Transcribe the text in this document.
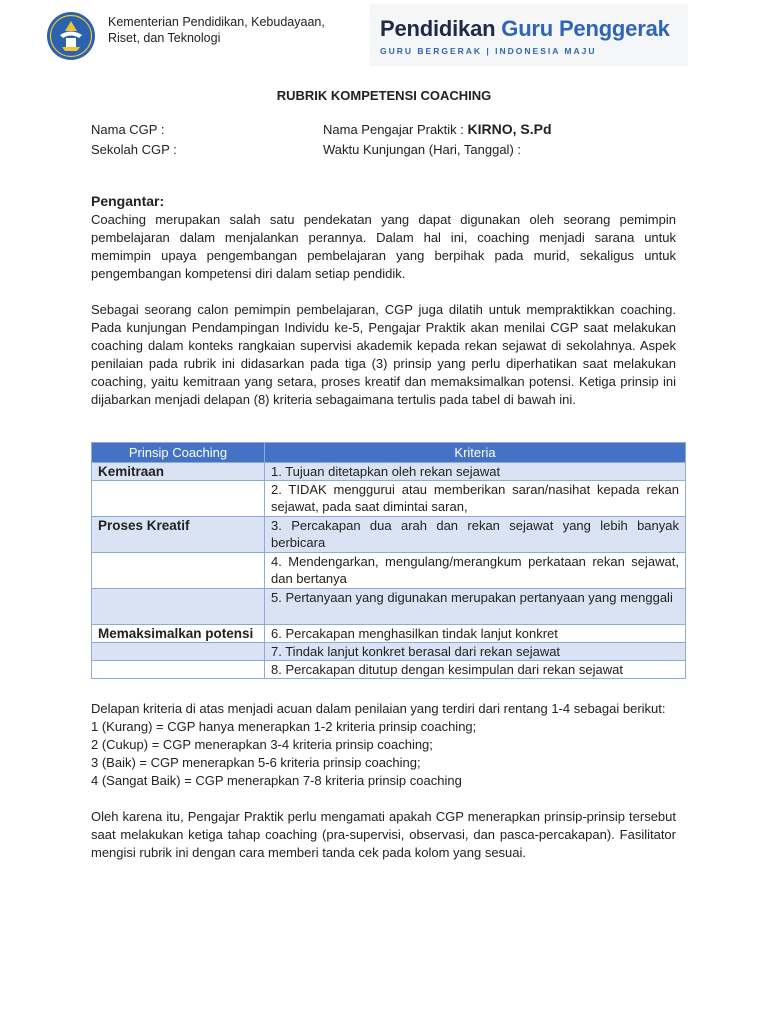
Kementerian Pendidikan, Kebudayaan,
Riset, dan Teknologi	Pendidikan Guru Penggerak
GURU BERGERAK | INDONESIA MAJU
RUBRIK KOMPETENSI COACHING
Nama CGP :
Sekolah CGP :
Nama Pengajar Praktik : KIRNO, S.Pd
Waktu Kunjungan (Hari, Tanggal) :
Pengantar:

Coaching merupakan salah satu pendekatan yang dapat digunakan oleh seorang pemimpin pembelajaran dalam menjalankan perannya. Dalam hal ini, coaching menjadi sarana untuk memimpin upaya pengembangan pembelajaran yang berpihak pada murid, sekaligus untuk pengembangan kompetensi diri dalam setiap pendidik.

Sebagai seorang calon pemimpin pembelajaran, CGP juga dilatih untuk mempraktikkan coaching. Pada kunjungan Pendampingan Individu ke-5, Pengajar Praktik akan menilai CGP saat melakukan coaching dalam konteks rangkaian supervisi akademik kepada rekan sejawat di sekolahnya. Aspek penilaian pada rubrik ini didasarkan pada tiga (3) prinsip yang perlu diperhatikan saat melakukan coaching, yaitu kemitraan yang setara, proses kreatif dan memaksimalkan potensi. Ketiga prinsip ini dijabarkan menjadi delapan (8) kriteria sebagaimana tertulis pada tabel di bawah ini.

Prinsip Coaching	Kriteria
Kemitraan	1. Tujuan ditetapkan oleh rekan sejawat
	2. TIDAK menggurui atau memberikan saran/nasihat kepada rekan sejawat, pada saat dimintai saran,
Proses Kreatif	3. Percakapan dua arah dan rekan sejawat yang lebih banyak berbicara
	4. Mendengarkan, mengulang/merangkum perkataan rekan sejawat, dan bertanya
	5. Pertanyaan yang digunakan merupakan pertanyaan yang menggali
Memaksimalkan potensi	6. Percakapan menghasilkan tindak lanjut konkret
	7. Tindak lanjut konkret berasal dari rekan sejawat
	8. Percakapan ditutup dengan kesimpulan dari rekan sejawat

Delapan kriteria di atas menjadi acuan dalam penilaian yang terdiri dari rentang 1-4 sebagai berikut:

1 (Kurang) = CGP hanya menerapkan 1-2 kriteria prinsip coaching;

2 (Cukup) = CGP menerapkan 3-4 kriteria prinsip coaching;

3 (Baik) = CGP menerapkan 5-6 kriteria prinsip coaching;

4 (Sangat Baik) = CGP menerapkan 7-8 kriteria prinsip coaching

Oleh karena itu, Pengajar Praktik perlu mengamati apakah CGP menerapkan prinsip-prinsip tersebut saat melakukan ketiga tahap coaching (pra-supervisi, observasi, dan pasca-percakapan). Fasilitator mengisi rubrik ini dengan cara memberi tanda cek pada kolom yang sesuai.
